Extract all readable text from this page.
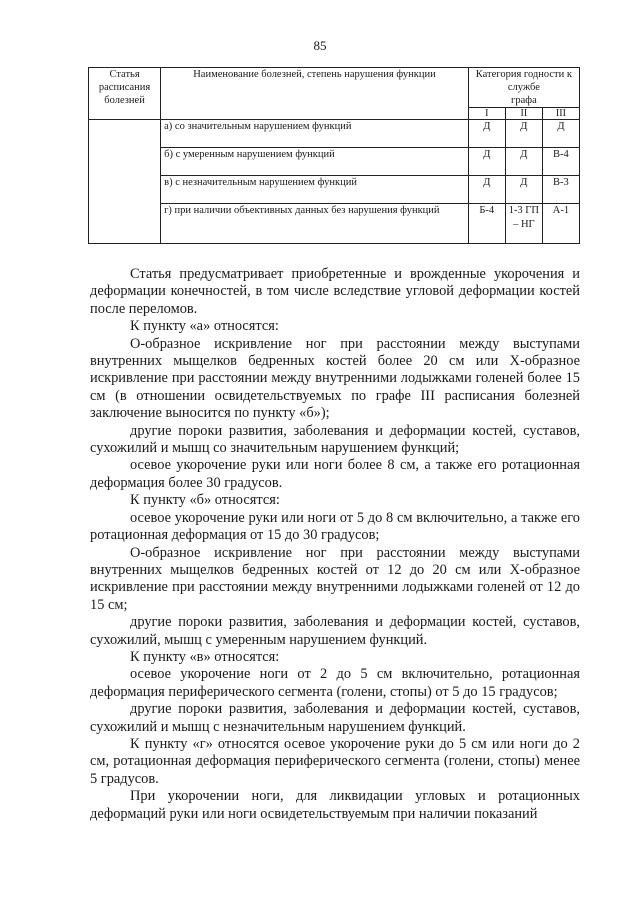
85
Статья расписания болезней	Наименование болезней, степень нарушения функции	Категория годности к службе		
		графа		
		I	II	III
	а) со значительным нарушением функций	Д	Д	Д
	б) с умеренным нарушением функций	Д	Д	В-4
	в) с незначительным нарушением функций	Д	Д	В-3
	г) при наличии объективных данных без нарушения функций	Б-4	1-3 ГП – НГ	А-1

Статья предусматривает приобретенные и врожденные укорочения и деформации конечностей, в том числе вследствие угловой деформации костей после переломов.

К пункту «а» относятся:

О-образное искривление ног при расстоянии между выступами внутренних мыщелков бедренных костей более 20 см или Х-образное искривление при расстоянии между внутренними лодыжками голеней более 15 см (в отношении освидетельствуемых по графе III расписания болезней заключение выносится по пункту «б»);

другие пороки развития, заболевания и деформации костей, суставов, сухожилий и мышц со значительным нарушением функций;

осевое укорочение руки или ноги более 8 см, а также его ротационная деформация более 30 градусов.

К пункту «б» относятся:

осевое укорочение руки или ноги от 5 до 8 см включительно, а также его ротационная деформация от 15 до 30 градусов;

О-образное искривление ног при расстоянии между выступами внутренних мыщелков бедренных костей от 12 до 20 см или Х-образное искривление при расстоянии между внутренними лодыжками голеней от 12 до 15 см;

другие пороки развития, заболевания и деформации костей, суставов, сухожилий, мышц с умеренным нарушением функций.

К пункту «в» относятся:

осевое укорочение ноги от 2 до 5 см включительно, ротационная деформация периферического сегмента (голени, стопы) от 5 до 15 градусов;

другие пороки развития, заболевания и деформации костей, суставов, сухожилий и мышц с незначительным нарушением функций.

К пункту «г» относятся осевое укорочение руки до 5 см или ноги до 2 см, ротационная деформация периферического сегмента (голени, стопы) менее 5 градусов.

При укорочении ноги, для ликвидации угловых и ротационных деформаций руки или ноги освидетельствуемым при наличии показаний
